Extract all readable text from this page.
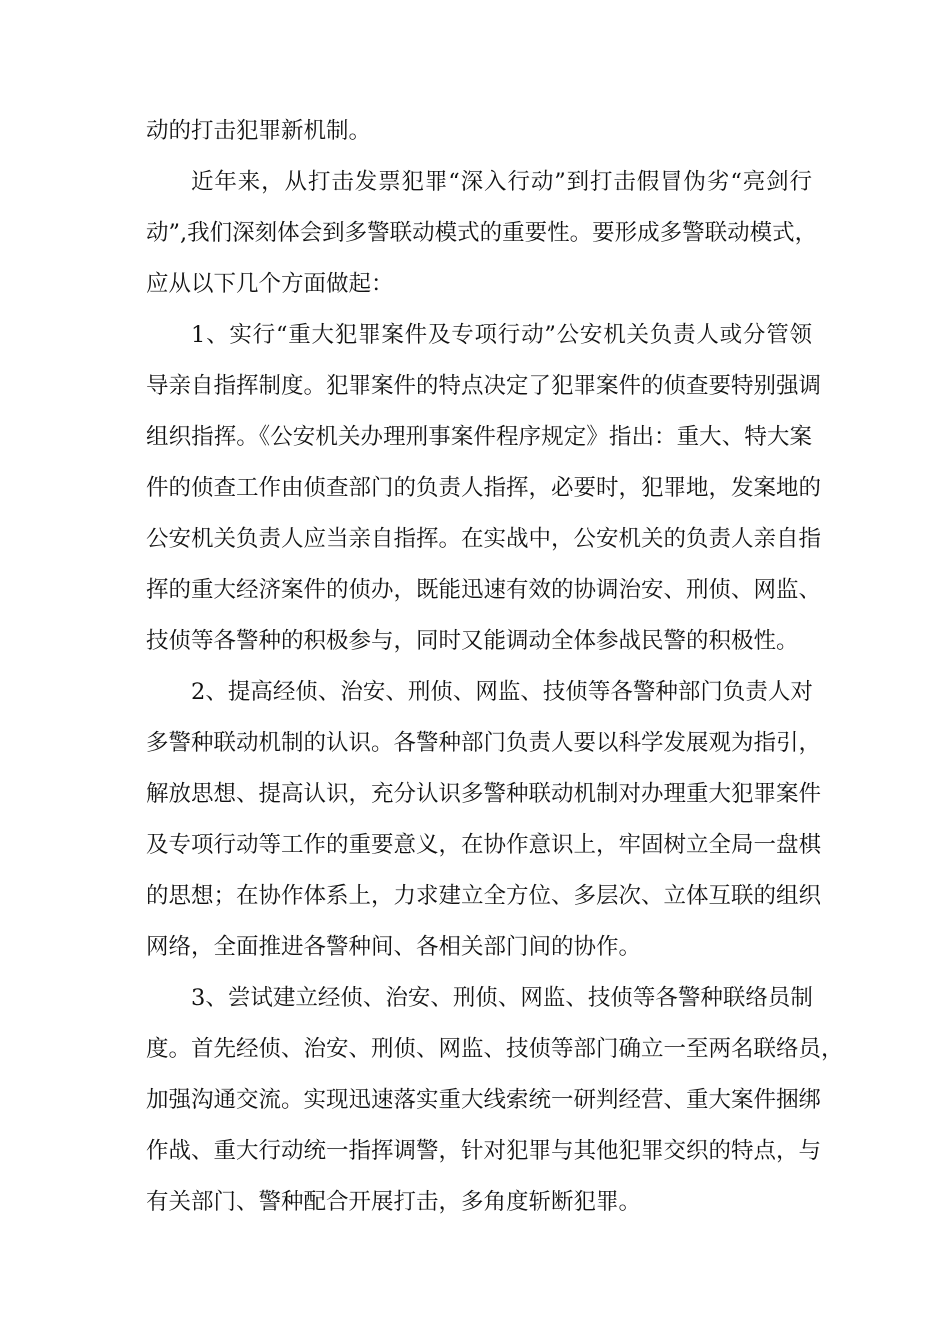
动的打击犯罪新机制。
近年来，从打击发票犯罪“深入行动”到打击假冒伪劣“亮剑行
动”,我们深刻体会到多警联动模式的重要性。要形成多警联动模式，
应从以下几个方面做起：
1、实行“重大犯罪案件及专项行动”公安机关负责人或分管领
导亲自指挥制度。犯罪案件的特点决定了犯罪案件的侦查要特别强调
组织指挥。《公安机关办理刑事案件程序规定》指出：重大、特大案
件的侦查工作由侦查部门的负责人指挥，必要时，犯罪地，发案地的
公安机关负责人应当亲自指挥。在实战中，公安机关的负责人亲自指
挥的重大经济案件的侦办，既能迅速有效的协调治安、刑侦、网监、
技侦等各警种的积极参与，同时又能调动全体参战民警的积极性。
2、提高经侦、治安、刑侦、网监、技侦等各警种部门负责人对
多警种联动机制的认识。各警种部门负责人要以科学发展观为指引，
解放思想、提高认识，充分认识多警种联动机制对办理重大犯罪案件
及专项行动等工作的重要意义，在协作意识上，牢固树立全局一盘棋
的思想；在协作体系上，力求建立全方位、多层次、立体互联的组织
网络，全面推进各警种间、各相关部门间的协作。
3、尝试建立经侦、治安、刑侦、网监、技侦等各警种联络员制
度。首先经侦、治安、刑侦、网监、技侦等部门确立一至两名联络员，
加强沟通交流。实现迅速落实重大线索统一研判经营、重大案件捆绑
作战、重大行动统一指挥调警，针对犯罪与其他犯罪交织的特点，与
有关部门、警种配合开展打击，多角度斩断犯罪。
